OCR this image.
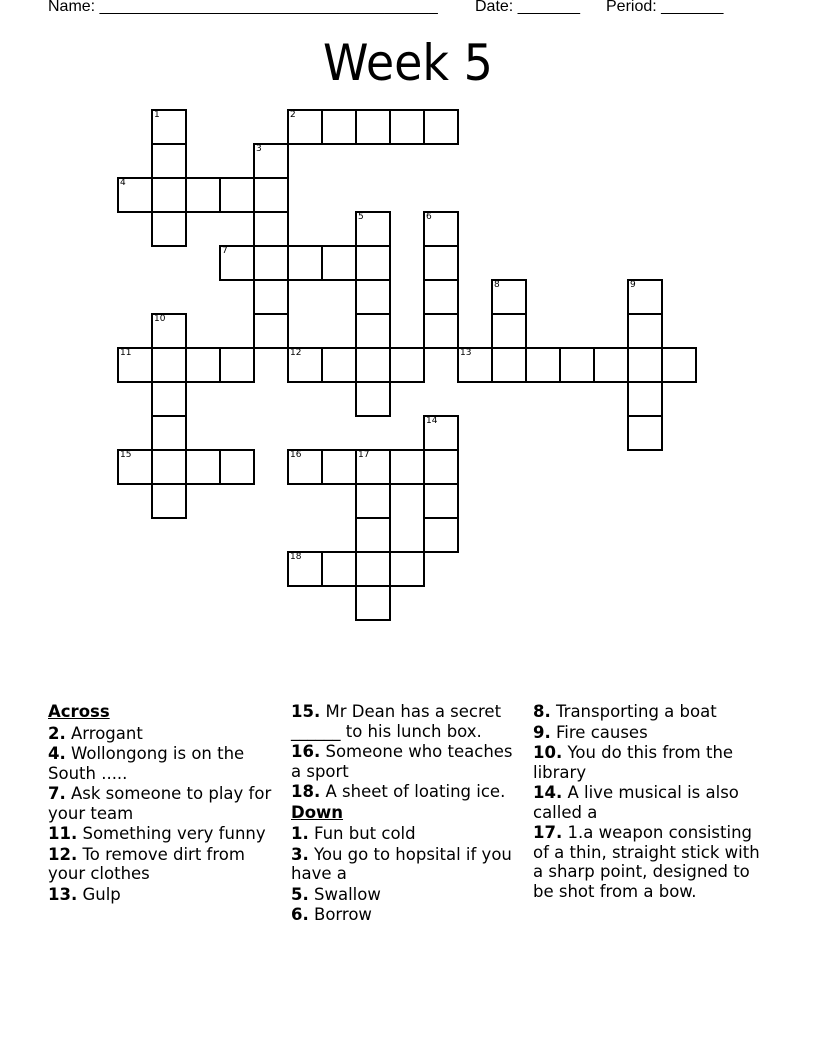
Name: ______________________________________ Date: _______ Period: _______
Week 5
1	2
3
4
5	6
7
8	9
10
11	12	13
14
15	16	17
18
Across
2. Arrogant
4. Wollongong is on the South .....
7. Ask someone to play for your team
11. Something very funny
12. To remove dirt from your clothes
13. Gulp
15. Mr Dean has a secret ______ to his lunch box.
16. Someone who teaches a sport
18. A sheet of loating ice.
Down
1. Fun but cold
3. You go to hopsital if you have a
5. Swallow
6. Borrow
8. Transporting a boat
9. Fire causes
10. You do this from the library
14. A live musical is also called a
17. 1.a weapon consisting of a thin, straight stick with a sharp point, designed to be shot from a bow.
